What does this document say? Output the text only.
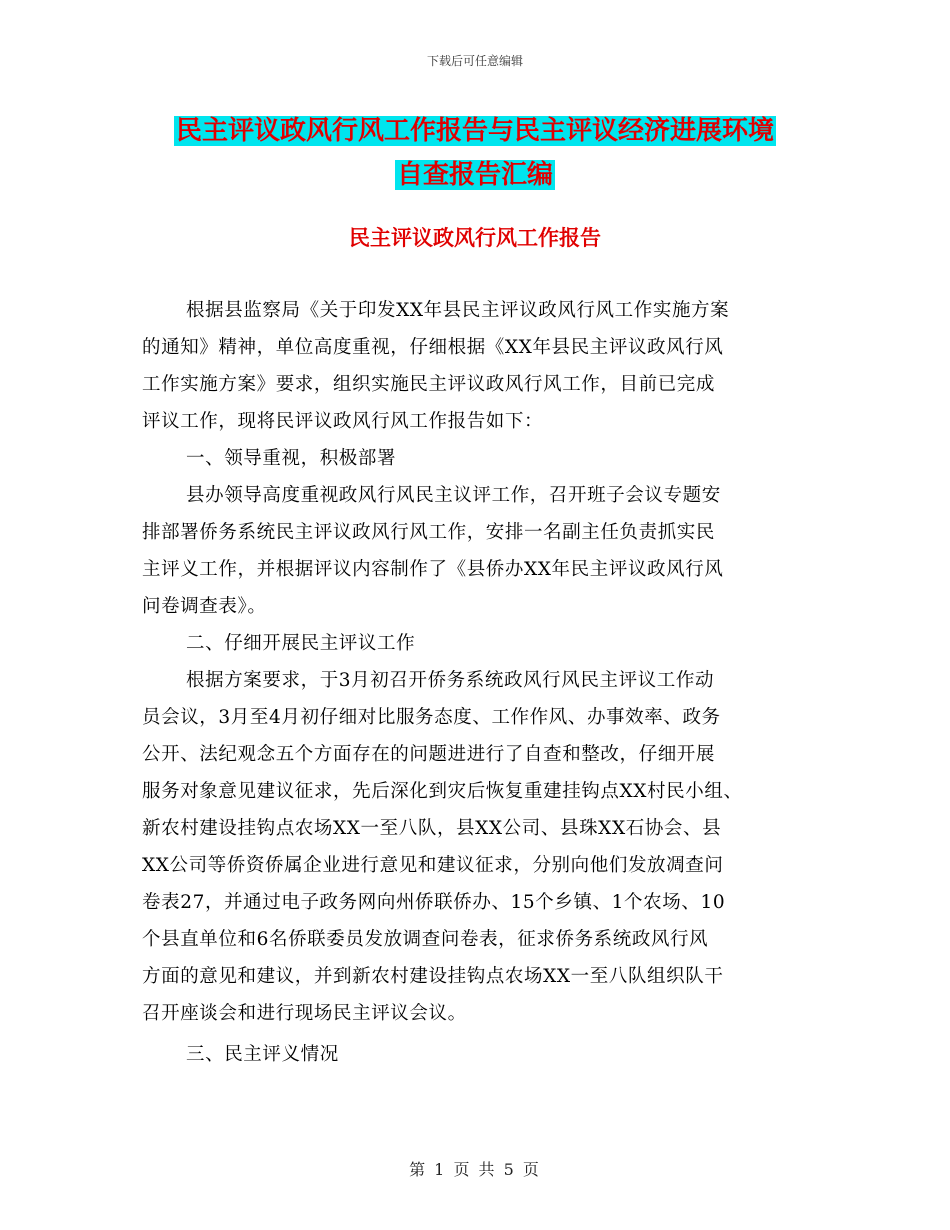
下载后可任意编辑
民主评议政风行风工作报告与民主评议经济进展环境
自查报告汇编
民主评议政风行风工作报告
根据县监察局《关于印发XX年县民主评议政风行风工作实施方案
的通知》精神，单位高度重视，仔细根据《XX年县民主评议政风行风
工作实施方案》要求，组织实施民主评议政风行风工作，目前已完成
评议工作，现将民评议政风行风工作报告如下：
一、领导重视，积极部署
县办领导高度重视政风行风民主议评工作，召开班子会议专题安
排部署侨务系统民主评议政风行风工作，安排一名副主任负责抓实民
主评义工作，并根据评议内容制作了《县侨办XX年民主评议政风行风
问卷调查表》。
二、仔细开展民主评议工作
根据方案要求，于3月初召开侨务系统政风行风民主评议工作动
员会议，3月至4月初仔细对比服务态度、工作作风、办事效率、政务
公开、法纪观念五个方面存在的问题进进行了自查和整改，仔细开展
服务对象意见建议征求，先后深化到灾后恢复重建挂钩点XX村民小组、
新农村建设挂钩点农场XX一至八队，县XX公司、县珠XX石协会、县
XX公司等侨资侨属企业进行意见和建议征求，分别向他们发放凋查问
卷表27，并通过电子政务网向州侨联侨办、15个乡镇、1个农场、10
个县直单位和6名侨联委员发放调查问卷表，征求侨务系统政风行风
方面的意见和建议，并到新农村建设挂钩点农场XX一至八队组织队干
召开座谈会和进行现场民主评议会议。
三、民主评义情况
第 1 页 共 5 页
